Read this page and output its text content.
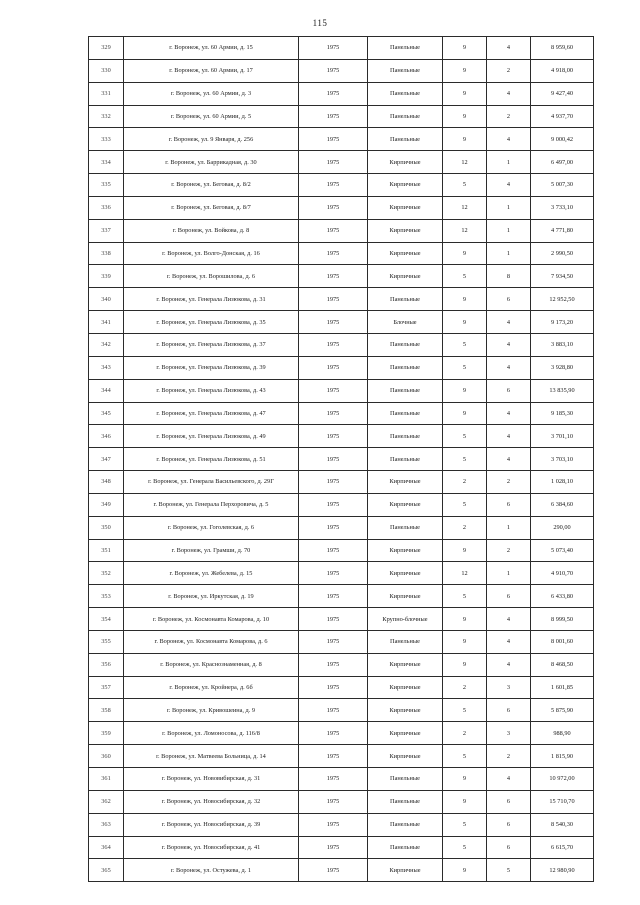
115
329	г. Воронеж, ул. 60 Армии, д. 15	1975	Панельные	9	4	8 959,60
330	г. Воронеж, ул. 60 Армии, д. 17	1975	Панельные	9	2	4 918,00
331	г. Воронеж, ул. 60 Армии, д. 3	1975	Панельные	9	4	9 427,40
332	г. Воронеж, ул. 60 Армии, д. 5	1975	Панельные	9	2	4 937,70
333	г. Воронеж, ул. 9 Января, д. 256	1975	Панельные	9	4	9 000,42
334	г. Воронеж, ул. Баррикадная, д. 30	1975	Кирпичные	12	1	6 497,00
335	г. Воронеж, ул. Беговая, д. 8/2	1975	Кирпичные	5	4	5 007,30
336	г. Воронеж, ул. Беговая, д. 8/7	1975	Кирпичные	12	1	3 733,10
337	г. Воронеж, ул. Войкова, д. 8	1975	Кирпичные	12	1	4 771,80
338	г. Воронеж, ул. Волго-Донская, д. 16	1975	Кирпичные	9	1	2 990,50
339	г. Воронеж, ул. Ворошилова, д. 6	1975	Кирпичные	5	8	7 934,50
340	г. Воронеж, ул. Генерала Лизюкова, д. 31	1975	Панельные	9	6	12 952,50
341	г. Воронеж, ул. Генерала Лизюкова, д. 35	1975	Блочные	9	4	9 173,20
342	г. Воронеж, ул. Генерала Лизюкова, д. 37	1975	Панельные	5	4	3 883,10
343	г. Воронеж, ул. Генерала Лизюкова, д. 39	1975	Панельные	5	4	3 928,80
344	г. Воронеж, ул. Генерала Лизюкова, д. 43	1975	Панельные	9	6	13 835,90
345	г. Воронеж, ул. Генерала Лизюкова, д. 47	1975	Панельные	9	4	9 185,30
346	г. Воронеж, ул. Генерала Лизюкова, д. 49	1975	Панельные	5	4	3 701,10
347	г. Воронеж, ул. Генерала Лизюкова, д. 51	1975	Панельные	5	4	3 703,10
348	г. Воронеж, ул. Генерала Васильевского, д. 29Г	1975	Кирпичные	2	2	1 028,10
349	г. Воронеж, ул. Генерала Перхоровича, д. 5	1975	Кирпичные	5	6	6 384,60
350	г. Воронеж, ул. Гоголевская, д. 6	1975	Панельные	2	1	290,00
351	г. Воронеж, ул. Грамши, д. 70	1975	Кирпичные	9	2	5 073,40
352	г. Воронеж, ул. Жебелева, д. 15	1975	Кирпичные	12	1	4 910,70
353	г. Воронеж, ул. Иркутская, д. 19	1975	Кирпичные	5	6	6 433,80
354	г. Воронеж, ул. Космонавта Комарова, д. 10	1975	Крупно-блочные	9	4	8 999,50
355	г. Воронеж, ул. Космонавта Комарова, д. 6	1975	Панельные	9	4	8 001,60
356	г. Воронеж, ул. Краснознаменная, д. 8	1975	Кирпичные	9	4	8 468,50
357	г. Воронеж, ул. Кройнера, д. 6б	1975	Кирпичные	2	3	1 601,85
358	г. Воронеж, ул. Кривошеина, д. 9	1975	Кирпичные	5	6	5 875,90
359	г. Воронеж, ул. Ломоносова, д. 116/8	1975	Кирпичные	2	3	988,90
360	г. Воронеж, ул. Матвеева Больница, д. 14	1975	Кирпичные	5	2	1 815,90
361	г. Воронеж, ул. Нововибирская, д. 31	1975	Панельные	9	4	10 972,00
362	г. Воронеж, ул. Новосибирская, д. 32	1975	Панельные	9	6	15 710,70
363	г. Воронеж, ул. Новосибирская, д. 39	1975	Панельные	5	6	8 540,30
364	г. Воронеж, ул. Новосибирская, д. 41	1975	Панельные	5	6	6 615,70
365	г. Воронеж, ул. Остужева, д. 1	1975	Кирпичные	9	5	12 980,90
